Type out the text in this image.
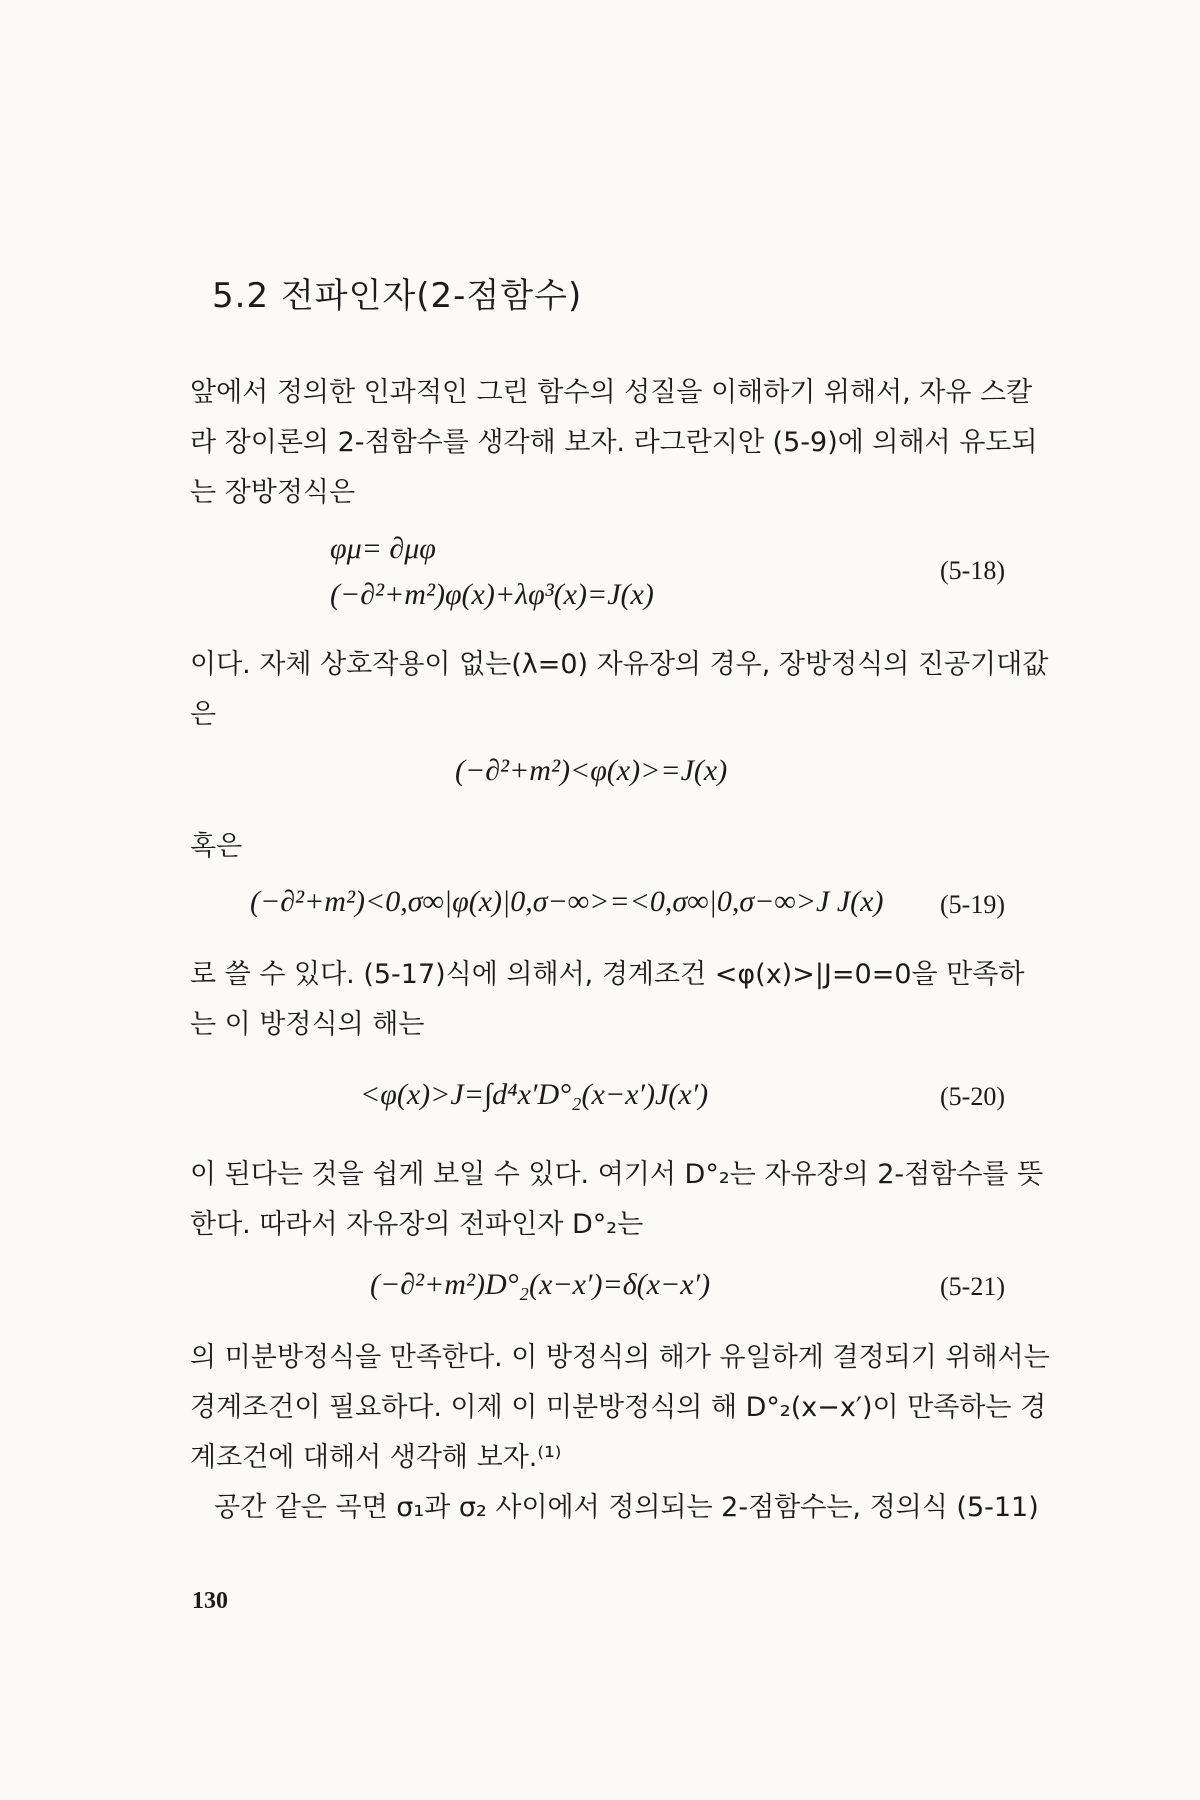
5.2 전파인자(2-점함수)
앞에서 정의한 인과적인 그린 함수의 성질을 이해하기 위해서, 자유 스칼라 장이론의 2-점함수를 생각해 보자. 라그란지안 (5-9)에 의해서 유도되는 장방정식은
φμ= ∂μφ
(−∂²+m²)φ(x)+λφ³(x)=J(x)
(5-18)
이다. 자체 상호작용이 없는(λ=0) 자유장의 경우, 장방정식의 진공기대값은
(−∂²+m²)<φ(x)>=J(x)
혹은
(−∂²+m²)<0,σ∞|φ(x)|0,σ−∞>=<0,σ∞|0,σ−∞>J J(x) (5-19)
로 쓸 수 있다. (5-17)식에 의해서, 경계조건 <φ(x)>|J=0=0을 만족하는 이 방정식의 해는
<φ(x)>J=∫d⁴x′D°₂(x−x′)J(x′)	(5-20)
이 된다는 것을 쉽게 보일 수 있다. 여기서 D°₂는 자유장의 2-점함수를 뜻한다. 따라서 자유장의 전파인자 D°₂는
(−∂²+m²)D°₂(x−x′)=δ(x−x′)	(5-21)
의 미분방정식을 만족한다. 이 방정식의 해가 유일하게 결정되기 위해서는 경계조건이 필요하다. 이제 이 미분방정식의 해 D°₂(x−x′)이 만족하는 경계조건에 대해서 생각해 보자.⁽¹⁾
공간 같은 곡면 σ₁과 σ₂ 사이에서 정의되는 2-점함수는, 정의식 (5-11)
130
